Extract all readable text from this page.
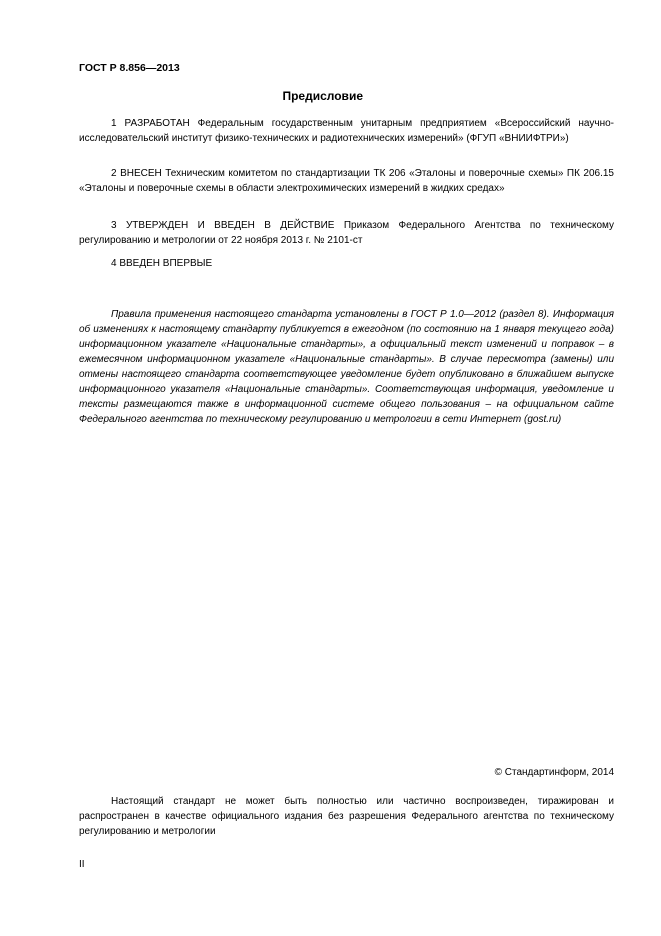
ГОСТ Р 8.856—2013
Предисловие

1 РАЗРАБОТАН Федеральным государственным унитарным предприятием «Всероссийский научно-исследовательский институт физико-технических и радиотехнических измерений» (ФГУП «ВНИИФТРИ»)

2 ВНЕСЕН Техническим комитетом по стандартизации ТК 206 «Эталоны и поверочные схемы» ПК 206.15 «Эталоны и поверочные схемы в области электрохимических измерений в жидких средах»

3 УТВЕРЖДЕН И ВВЕДЕН В ДЕЙСТВИЕ Приказом Федерального Агентства по техническому регулированию и метрологии от 22 ноября 2013 г. № 2101-ст

4 ВВЕДЕН ВПЕРВЫЕ

Правила применения настоящего стандарта установлены в ГОСТ Р 1.0—2012 (раздел 8). Информация об изменениях к настоящему стандарту публикуется в ежегодном (по состоянию на 1 января текущего года) информационном указателе «Национальные стандарты», а официальный текст изменений и поправок – в ежемесячном информационном указателе «Национальные стандарты». В случае пересмотра (замены) или отмены настоящего стандарта соответствующее уведомление будет опубликовано в ближайшем выпуске информационного указателя «Национальные стандарты». Соответствующая информация, уведомление и тексты размещаются также в информационной системе общего пользования – на официальном сайте Федерального агентства по техническому регулированию и метрологии в сети Интернет (gost.ru)

© Стандартинформ, 2014

Настоящий стандарт не может быть полностью или частично воспроизведен, тиражирован и распространен в качестве официального издания без разрешения Федерального агентства по техническому регулированию и метрологии

II
